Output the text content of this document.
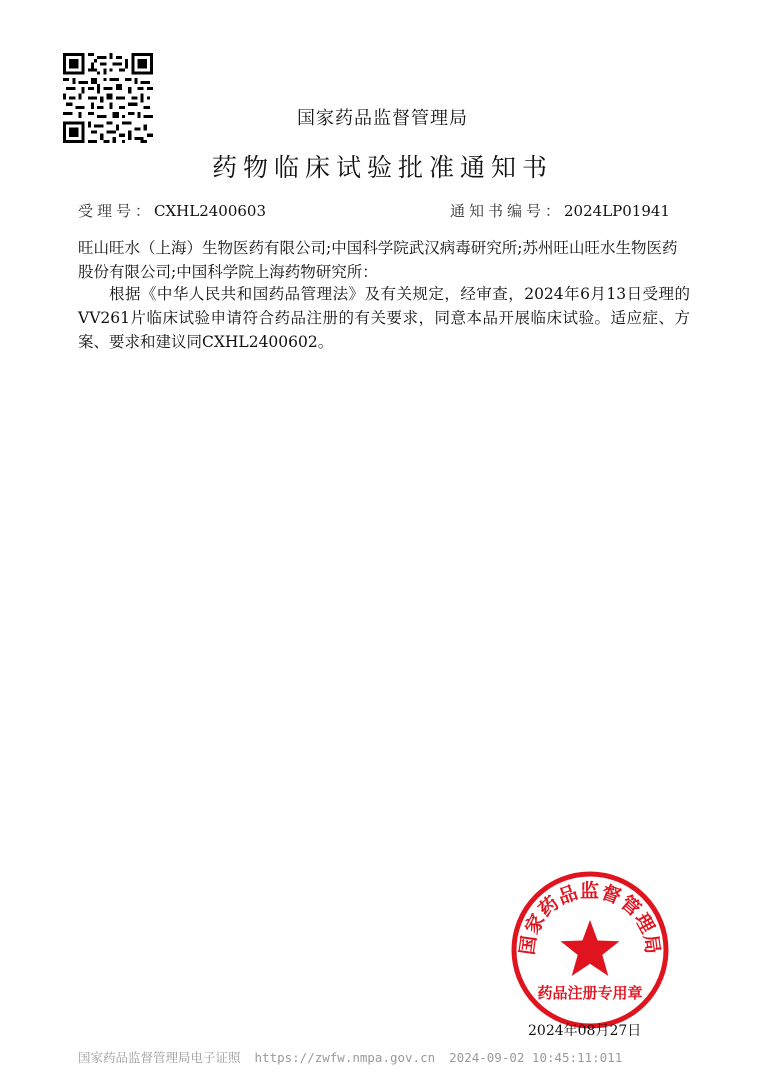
国家药品监督管理局
药物临床试验批准通知书
受理号：CXHL2400603	通知书编号：2024LP01941
旺山旺水（上海）生物医药有限公司;中国科学院武汉病毒研究所;苏州旺山旺水生物医药股份有限公司;中国科学院上海药物研究所：
根据《中华人民共和国药品管理法》及有关规定，经审查，2024年6月13日受理的VV261片临床试验申请符合药品注册的有关要求，同意本品开展临床试验。适应症、方案、要求和建议同CXHL2400602。
国家药品监督管理局
药品注册专用章
2024年08月27日
国家药品监督管理局电子证照 https://zwfw.nmpa.gov.cn 2024-09-02 10:45:11:011
